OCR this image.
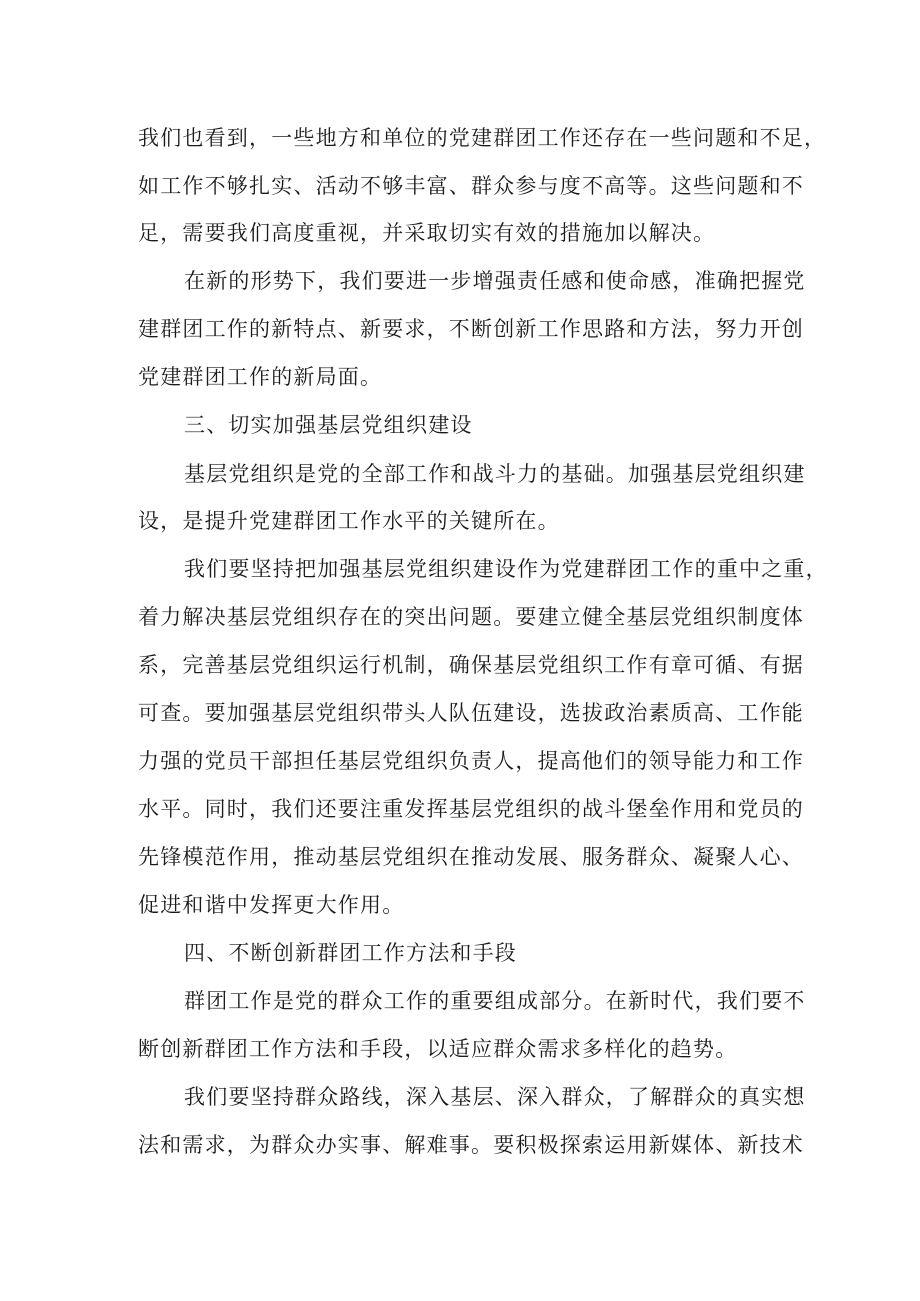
我们也看到，一些地方和单位的党建群团工作还存在一些问题和不足，
如工作不够扎实、活动不够丰富、群众参与度不高等。这些问题和不
足，需要我们高度重视，并采取切实有效的措施加以解决。
在新的形势下，我们要进一步增强责任感和使命感，准确把握党
建群团工作的新特点、新要求，不断创新工作思路和方法，努力开创
党建群团工作的新局面。
三、切实加强基层党组织建设
基层党组织是党的全部工作和战斗力的基础。加强基层党组织建
设，是提升党建群团工作水平的关键所在。
我们要坚持把加强基层党组织建设作为党建群团工作的重中之重，
着力解决基层党组织存在的突出问题。要建立健全基层党组织制度体
系，完善基层党组织运行机制，确保基层党组织工作有章可循、有据
可查。要加强基层党组织带头人队伍建设，选拔政治素质高、工作能
力强的党员干部担任基层党组织负责人，提高他们的领导能力和工作
水平。同时，我们还要注重发挥基层党组织的战斗堡垒作用和党员的
先锋模范作用，推动基层党组织在推动发展、服务群众、凝聚人心、
促进和谐中发挥更大作用。
四、不断创新群团工作方法和手段
群团工作是党的群众工作的重要组成部分。在新时代，我们要不
断创新群团工作方法和手段，以适应群众需求多样化的趋势。
我们要坚持群众路线，深入基层、深入群众，了解群众的真实想
法和需求，为群众办实事、解难事。要积极探索运用新媒体、新技术
